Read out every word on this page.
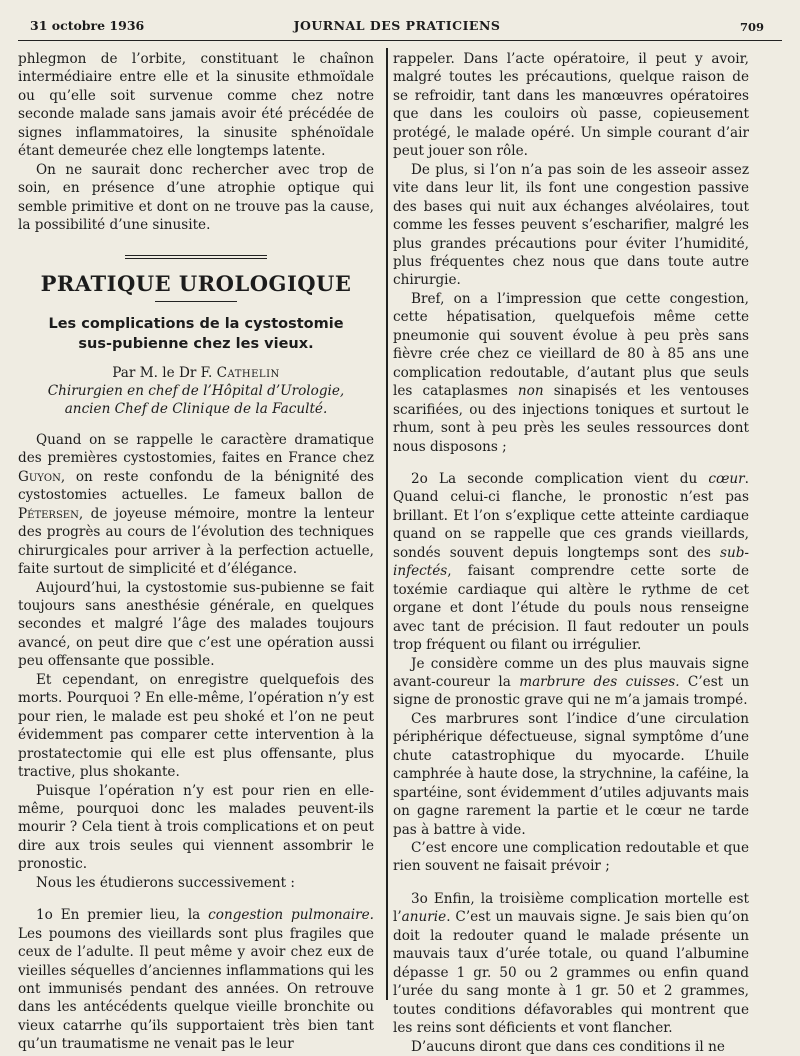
31 octobre 1936	JOURNAL DES PRATICIENS	709

phlegmon de l’orbite, constituant le chaînon intermédiaire entre elle et la sinusite ethmoïdale ou qu’elle soit survenue comme chez notre seconde malade sans jamais avoir été précédée de signes inflammatoires, la sinusite sphénoïdale étant demeurée chez elle longtemps latente.

On ne saurait donc rechercher avec trop de soin, en présence d’une atrophie optique qui semble primitive et dont on ne trouve pas la cause, la possibilité d’une sinusite.

PRATIQUE UROLOGIQUE
Les complications de la cystostomie
sus-pubienne chez les vieux.
Par M. le Dr F. Cathelin
Chirurgien en chef de l’Hôpital d’Urologie,
ancien Chef de Clinique de la Faculté.

Quand on se rappelle le caractère dramatique des premières cystostomies, faites en France chez Guyon, on reste confondu de la bénignité des cystostomies actuelles. Le fameux ballon de Pétersen, de joyeuse mémoire, montre la lenteur des progrès au cours de l’évolution des techniques chirurgicales pour arriver à la perfection actuelle, faite surtout de simplicité et d’élégance.

Aujourd’hui, la cystostomie sus-pubienne se fait toujours sans anesthésie générale, en quelques secondes et malgré l’âge des malades toujours avancé, on peut dire que c’est une opération aussi peu offensante que possible.

Et cependant, on enregistre quelquefois des morts. Pourquoi ? En elle-même, l’opération n’y est pour rien, le malade est peu shoké et l’on ne peut évidemment pas comparer cette intervention à la prostatectomie qui elle est plus offensante, plus tractive, plus shokante.

Puisque l’opération n’y est pour rien en elle-même, pourquoi donc les malades peuvent-ils mourir ? Cela tient à trois complications et on peut dire aux trois seules qui viennent assombrir le pronostic.

Nous les étudierons successivement :

1o En premier lieu, la congestion pulmonaire. Les poumons des vieillards sont plus fragiles que ceux de l’adulte. Il peut même y avoir chez eux de vieilles séquelles d’anciennes inflammations qui les ont immunisés pendant des années. On retrouve dans les antécédents quelque vieille bronchite ou vieux catarrhe qu’ils supportaient très bien tant qu’un traumatisme ne venait pas le leur

rappeler. Dans l’acte opératoire, il peut y avoir, malgré toutes les précautions, quelque raison de se refroidir, tant dans les manœuvres opératoires que dans les couloirs où passe, copieusement protégé, le malade opéré. Un simple courant d’air peut jouer son rôle.

De plus, si l’on n’a pas soin de les asseoir assez vite dans leur lit, ils font une congestion passive des bases qui nuit aux échanges alvéolaires, tout comme les fesses peuvent s’escharifier, malgré les plus grandes précautions pour éviter l’humidité, plus fréquentes chez nous que dans toute autre chirurgie.

Bref, on a l’impression que cette congestion, cette hépatisation, quelquefois même cette pneumonie qui souvent évolue à peu près sans fièvre crée chez ce vieillard de 80 à 85 ans une complication redoutable, d’autant plus que seuls les cataplasmes non sinapisés et les ventouses scarifiées, ou des injections toniques et surtout le rhum, sont à peu près les seules ressources dont nous disposons ;

2o La seconde complication vient du cœur. Quand celui-ci flanche, le pronostic n’est pas brillant. Et l’on s’explique cette atteinte cardiaque quand on se rappelle que ces grands vieillards, sondés souvent depuis longtemps sont des sub-infectés, faisant comprendre cette sorte de toxémie cardiaque qui altère le rythme de cet organe et dont l’étude du pouls nous renseigne avec tant de précision. Il faut redouter un pouls trop fréquent ou filant ou irrégulier.

Je considère comme un des plus mauvais signe avant-coureur la marbrure des cuisses. C’est un signe de pronostic grave qui ne m’a jamais trompé.

Ces marbrures sont l’indice d’une circulation périphérique défectueuse, signal symptôme d’une chute catastrophique du myocarde. L’huile camphrée à haute dose, la strychnine, la caféine, la spartéine, sont évidemment d’utiles adjuvants mais on gagne rarement la partie et le cœur ne tarde pas à battre à vide.

C’est encore une complication redoutable et que rien souvent ne faisait prévoir ;

3o Enfin, la troisième complication mortelle est l’anurie. C’est un mauvais signe. Je sais bien qu’on doit la redouter quand le malade présente un mauvais taux d’urée totale, ou quand l’albumine dépasse 1 gr. 50 ou 2 grammes ou enfin quand l’urée du sang monte à 1 gr. 50 et 2 grammes, toutes conditions défavorables qui montrent que les reins sont déficients et vont flancher.

D’aucuns diront que dans ces conditions il ne
